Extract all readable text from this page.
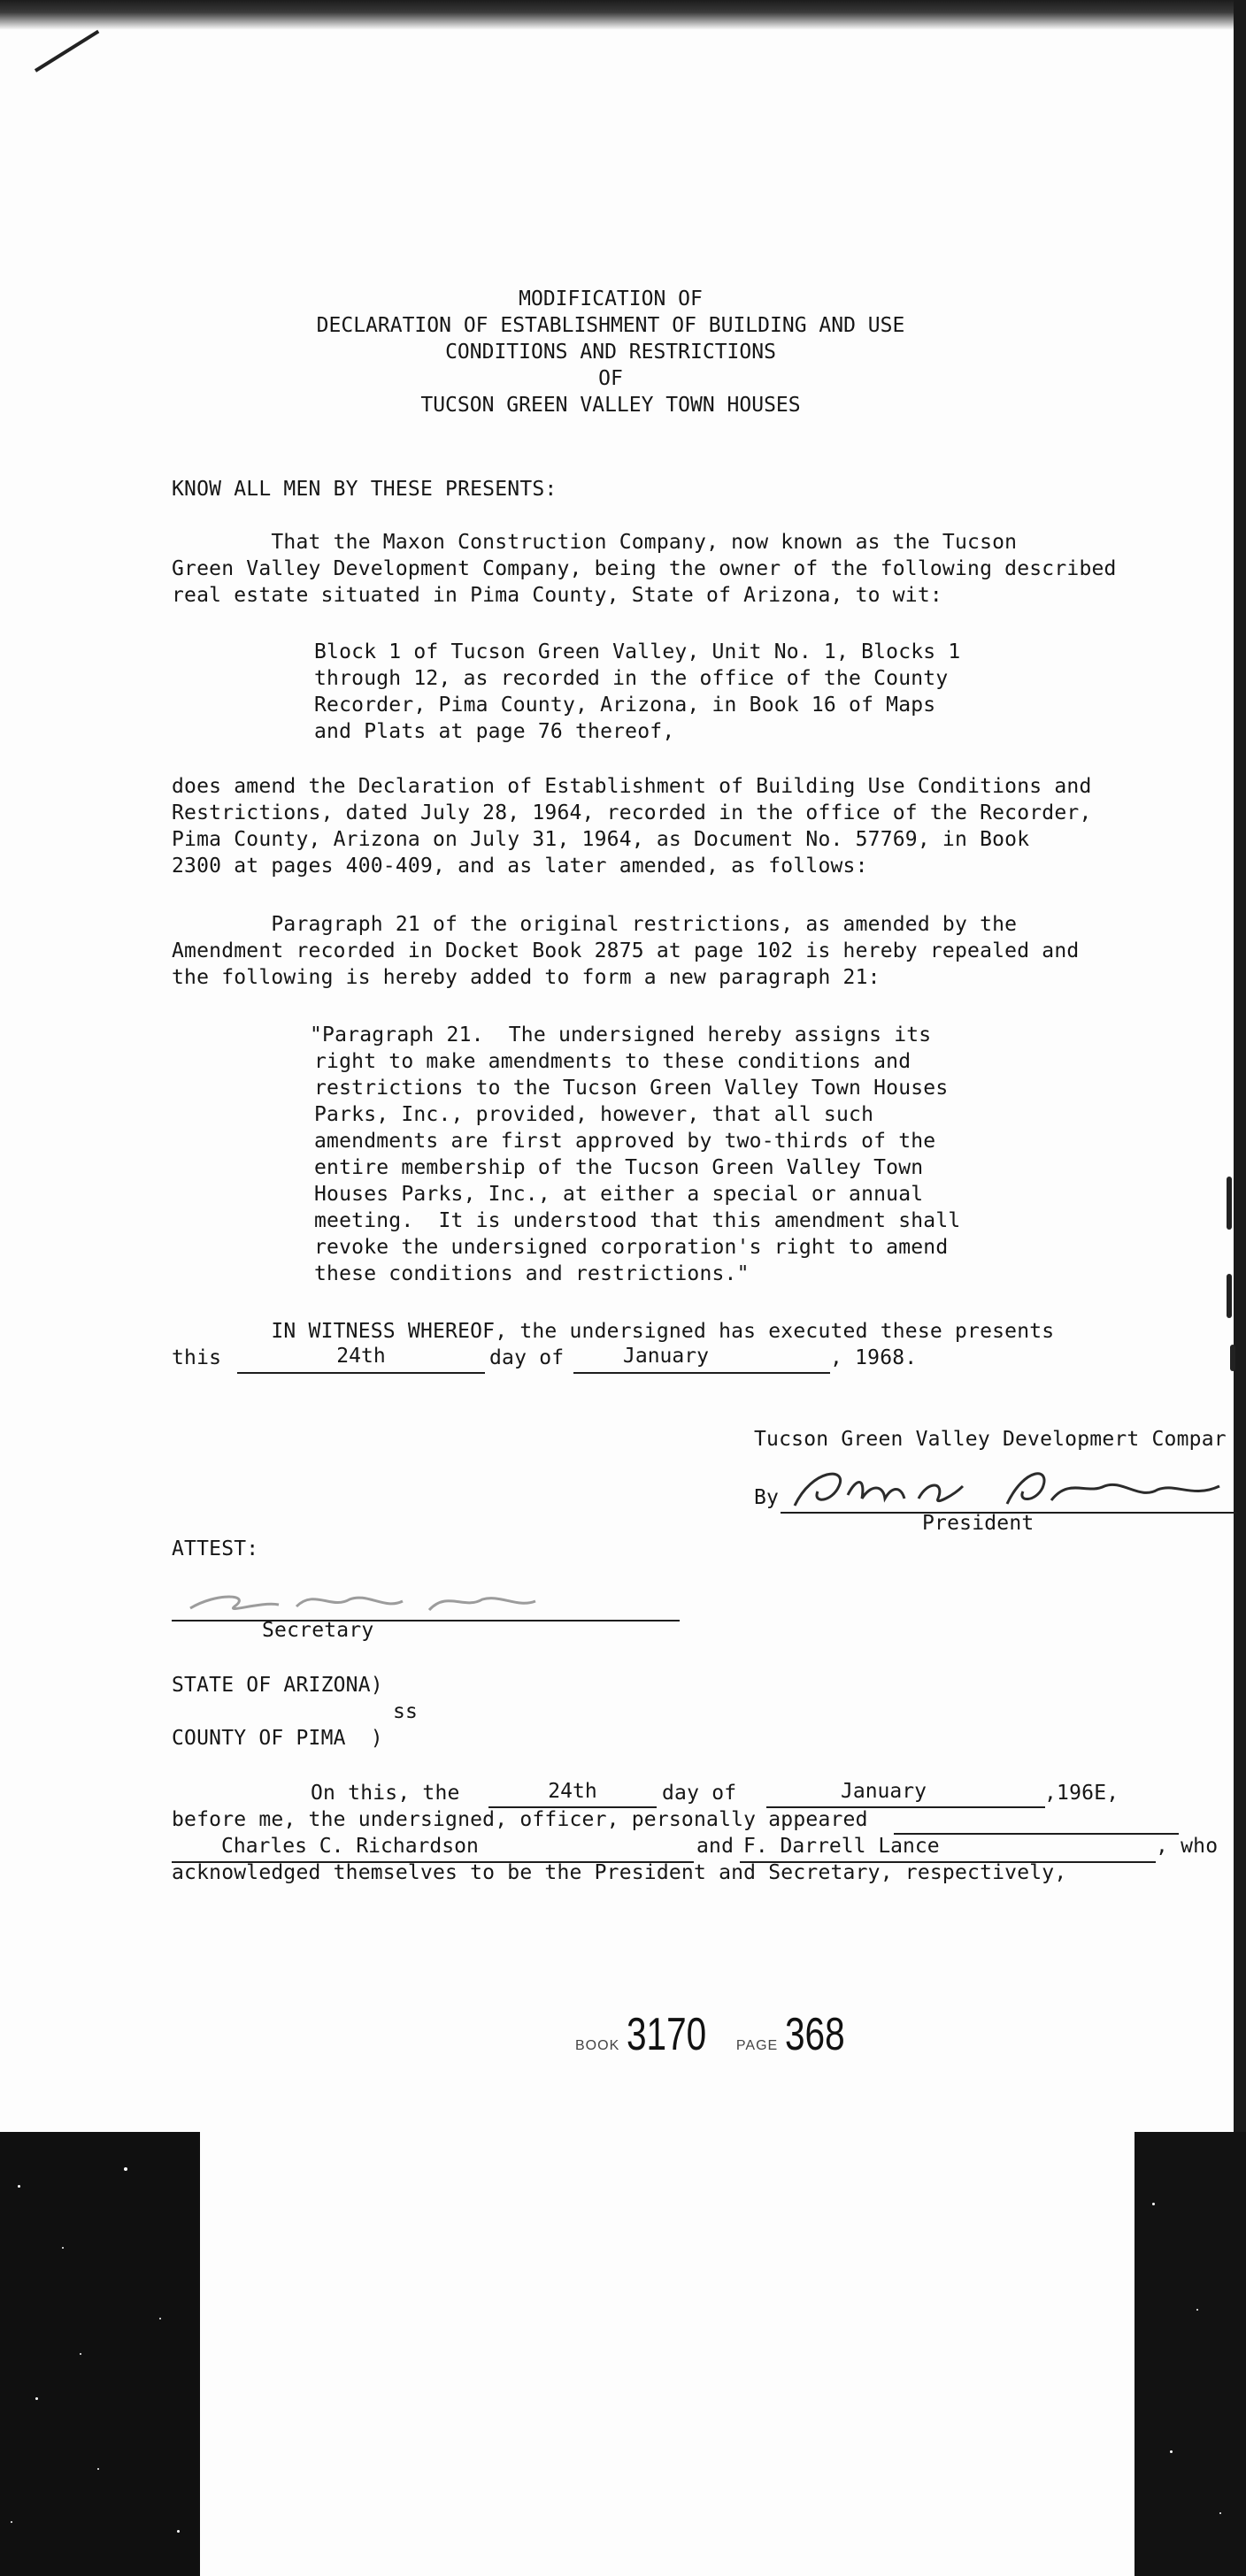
MODIFICATION OF
DECLARATION OF ESTABLISHMENT OF BUILDING AND USE
CONDITIONS AND RESTRICTIONS
OF
TUCSON GREEN VALLEY TOWN HOUSES
KNOW ALL MEN BY THESE PRESENTS:
That the Maxon Construction Company, now known as the Tucson
Green Valley Development Company, being the owner of the following described
real estate situated in Pima County, State of Arizona, to wit:
Block 1 of Tucson Green Valley, Unit No. 1, Blocks 1
through 12, as recorded in the office of the County
Recorder, Pima County, Arizona, in Book 16 of Maps
and Plats at page 76 thereof,
does amend the Declaration of Establishment of Building Use Conditions and
Restrictions, dated July 28, 1964, recorded in the office of the Recorder,
Pima County, Arizona on July 31, 1964, as Document No. 57769, in Book
2300 at pages 400-409, and as later amended, as follows:
Paragraph 21 of the original restrictions, as amended by the
Amendment recorded in Docket Book 2875 at page 102 is hereby repealed and
the following is hereby added to form a new paragraph 21:
"Paragraph 21.  The undersigned hereby assigns its
right to make amendments to these conditions and
restrictions to the Tucson Green Valley Town Houses
Parks, Inc., provided, however, that all such
amendments are first approved by two-thirds of the
entire membership of the Tucson Green Valley Town
Houses Parks, Inc., at either a special or annual
meeting.  It is understood that this amendment shall
revoke the undersigned corporation's right to amend
these conditions and restrictions."
IN WITNESS WHEREOF, the undersigned has executed these presents
this	24th	day of	January	, 1968.
Tucson Green Valley Developmert Compar
By
President
ATTEST:
Secretary
STATE OF ARIZONA)
ss
COUNTY OF PIMA  )
On this, the	24th	day of	January	,196E,
before me, the undersigned, officer, personally appeared
Charles C. Richardson	and F. Darrell Lance	, who
acknowledged themselves to be the President and Secretary, respectively,
BOOK 3170 PAGE 368
